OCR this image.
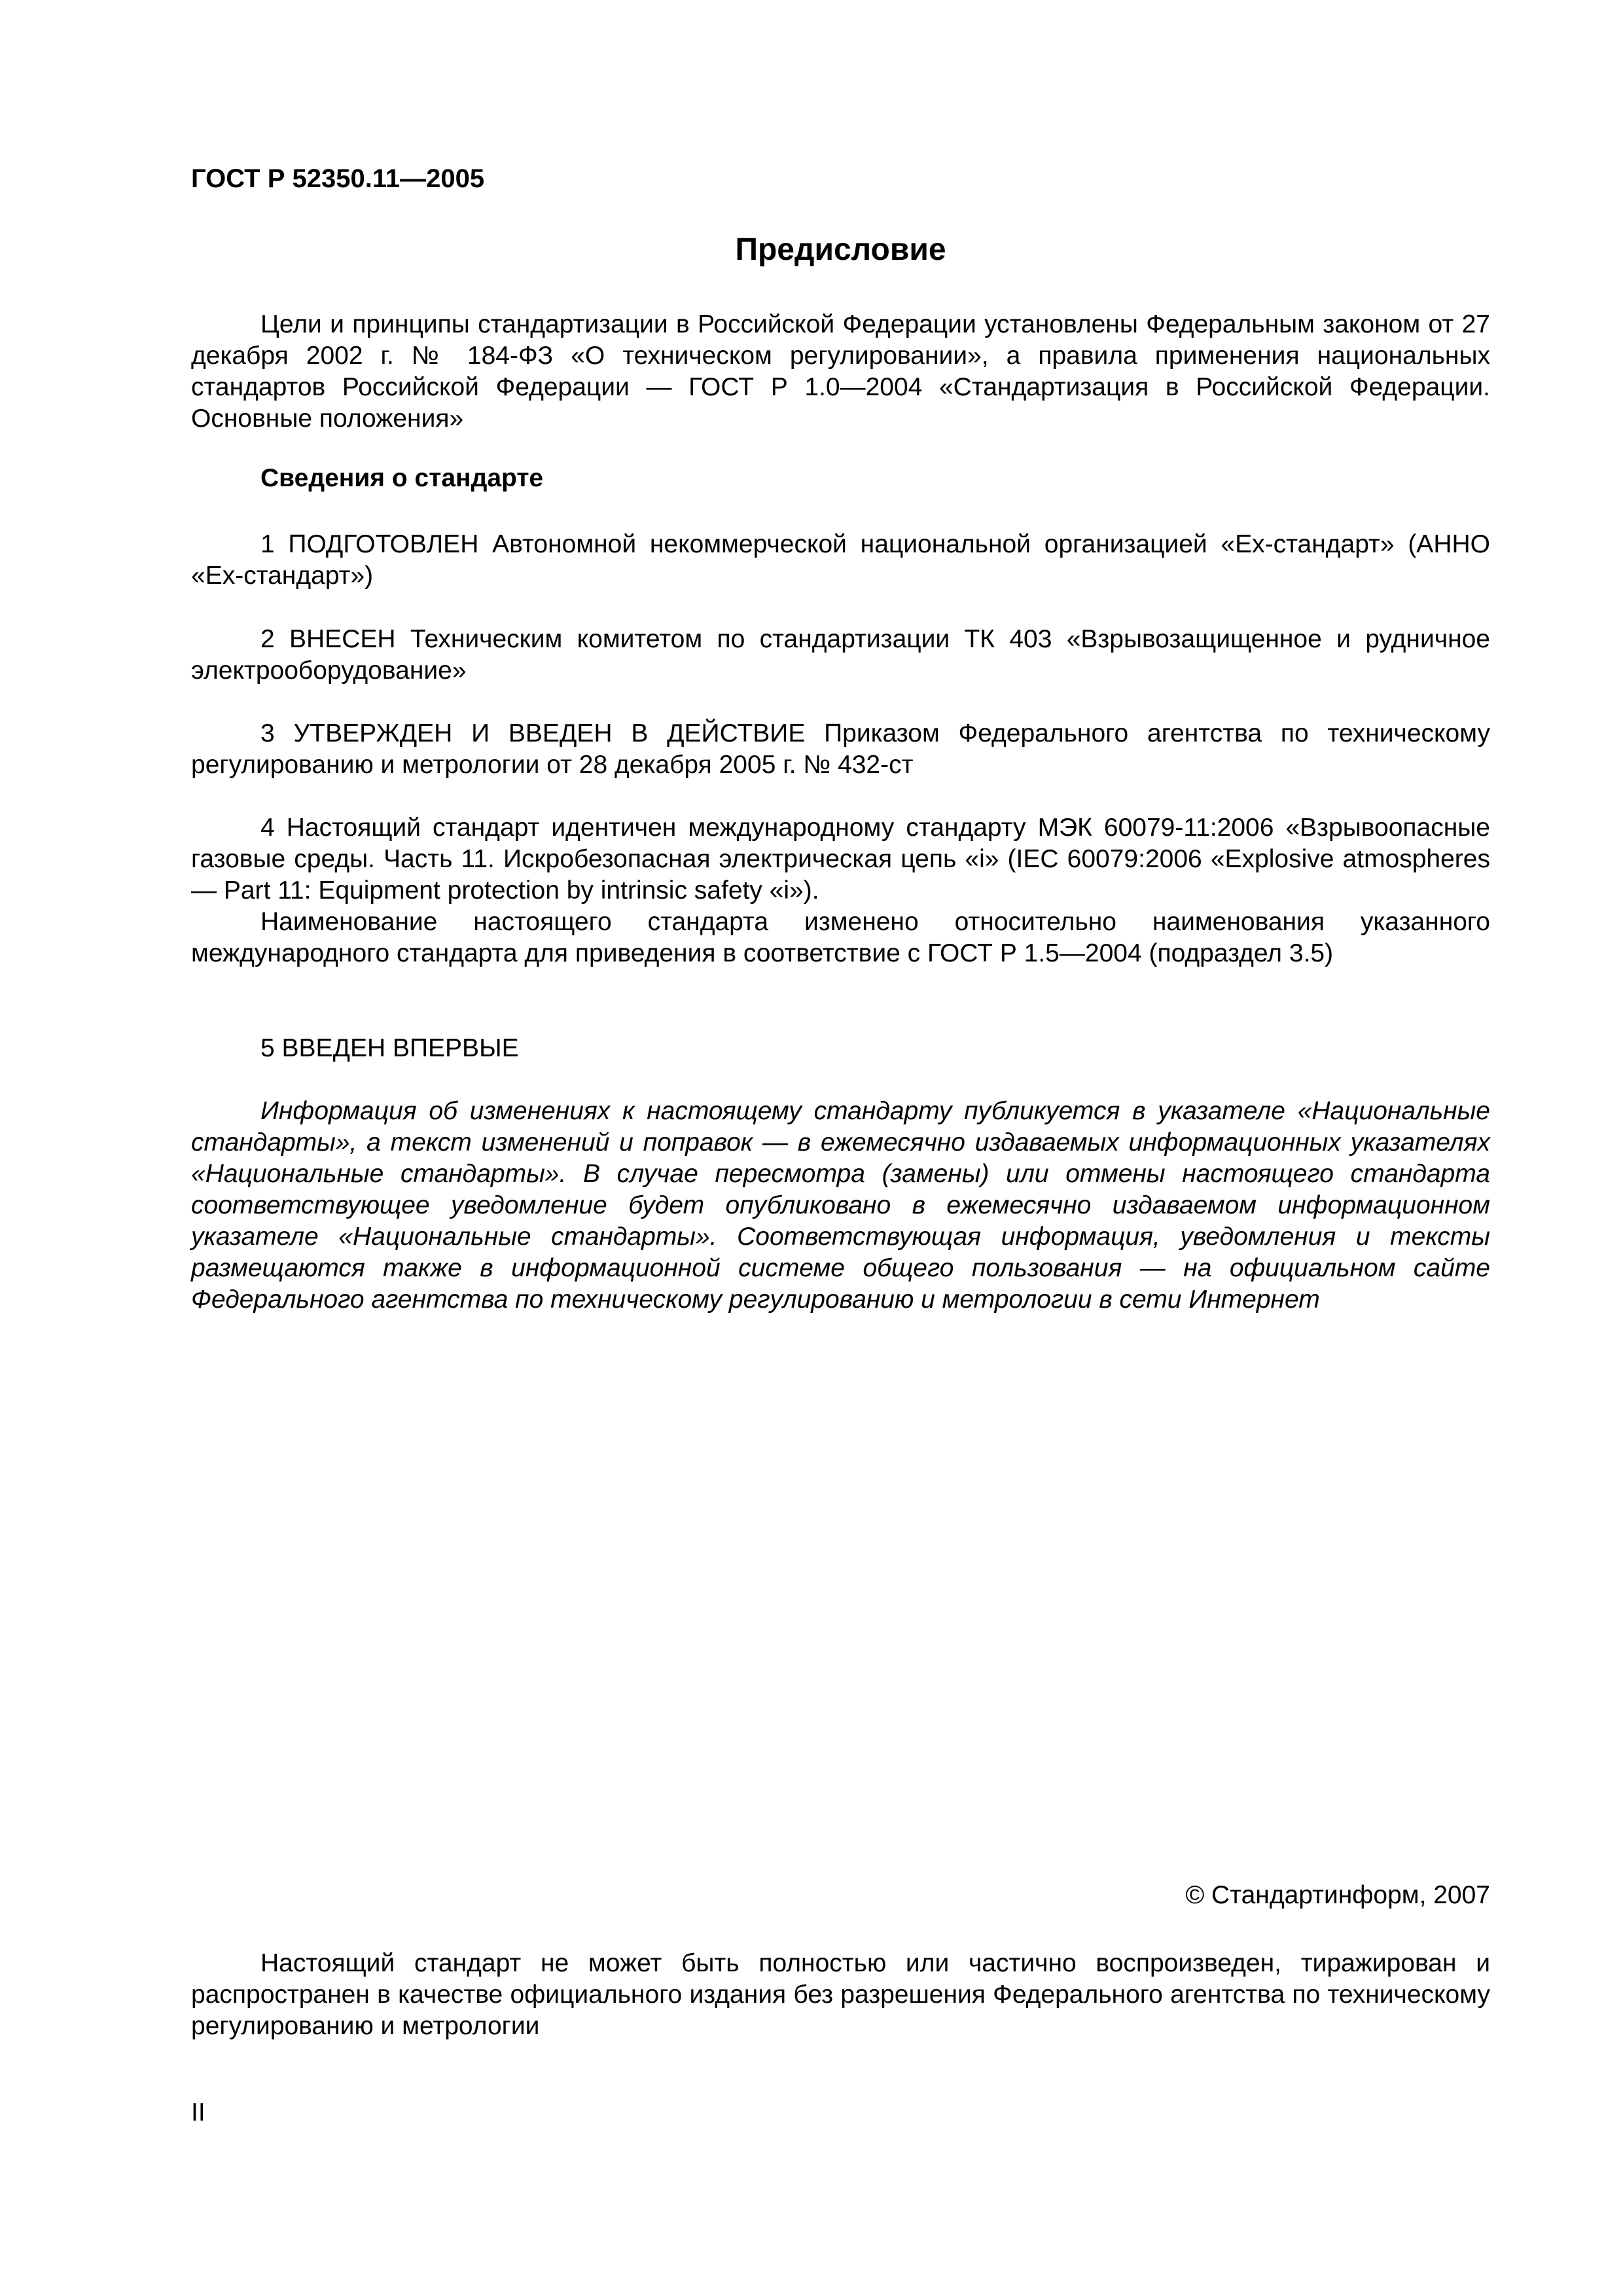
ГОСТ Р 52350.11—2005

Предисловие

Цели и принципы стандартизации в Российской Федерации установлены Федеральным законом от 27 декабря 2002 г. № 184-ФЗ «О техническом регулировании», а правила применения национальных стандартов Российской Федерации — ГОСТ Р 1.0—2004 «Стандартизация в Российской Федерации. Основные положения»

Сведения о стандарте

1 ПОДГОТОВЛЕН Автономной некоммерческой национальной организацией «Ех-стандарт» (АННО «Ех-стандарт»)

2 ВНЕСЕН Техническим комитетом по стандартизации ТК 403 «Взрывозащищенное и рудничное электрооборудование»

3 УТВЕРЖДЕН И ВВЕДЕН В ДЕЙСТВИЕ Приказом Федерального агентства по техническому регулированию и метрологии от 28 декабря 2005 г. № 432-ст

4 Настоящий стандарт идентичен международному стандарту МЭК 60079-11:2006 «Взрывоопасные газовые среды. Часть 11. Искробезопасная электрическая цепь «i» (IEC 60079:2006 «Explosive atmospheres — Part 11: Equipment protection by intrinsic safety «i»).

Наименование настоящего стандарта изменено относительно наименования указанного международного стандарта для приведения в соответствие с ГОСТ Р 1.5—2004 (подраздел 3.5)

5 ВВЕДЕН ВПЕРВЫЕ

Информация об изменениях к настоящему стандарту публикуется в указателе «Национальные стандарты», а текст изменений и поправок — в ежемесячно издаваемых информационных указателях «Национальные стандарты». В случае пересмотра (замены) или отмены настоящего стандарта соответствующее уведомление будет опубликовано в ежемесячно издаваемом информационном указателе «Национальные стандарты». Соответствующая информация, уведомления и тексты размещаются также в информационной системе общего пользования — на официальном сайте Федерального агентства по техническому регулированию и метрологии в сети Интернет

© Стандартинформ, 2007

Настоящий стандарт не может быть полностью или частично воспроизведен, тиражирован и распространен в качестве официального издания без разрешения Федерального агентства по техническому регулированию и метрологии

II
